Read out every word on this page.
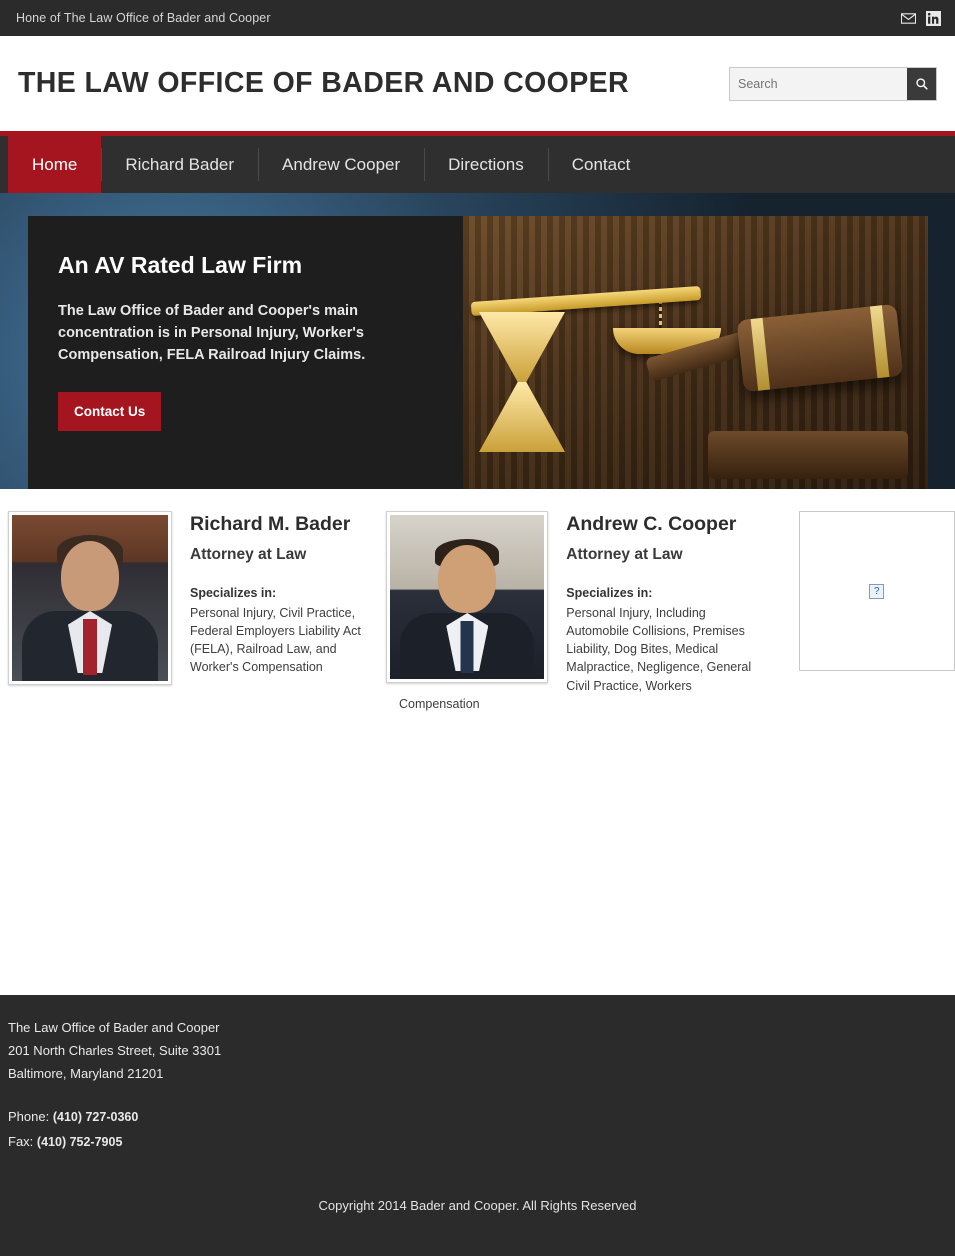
Hone of The Law Office of Bader and Cooper
THE LAW OFFICE OF BADER AND COOPER
Search
Home	Richard Bader	Andrew Cooper	Directions	Contact
An AV Rated Law Firm

The Law Office of Bader and Cooper's main concentration is in Personal Injury, Worker's Compensation, FELA Railroad Injury Claims.

Contact Us
Richard M. Bader
Attorney at Law
Specializes in:

Personal Injury, Civil Practice, Federal Employers Liability Act (FELA), Railroad Law, and Worker's Compensation

Andrew C. Cooper
Attorney at Law
Specializes in:

Personal Injury, Including Automobile Collisions, Premises Liability, Dog Bites, Medical Malpractice, Negligence, General Civil Practice, Workers

?
Compensation
The Law Office of Bader and Cooper
201 North Charles Street, Suite 3301
Baltimore, Maryland 21201
Phone: (410) 727-0360
Fax: (410) 752-7905
Copyright 2014 Bader and Cooper. All Rights Reserved
